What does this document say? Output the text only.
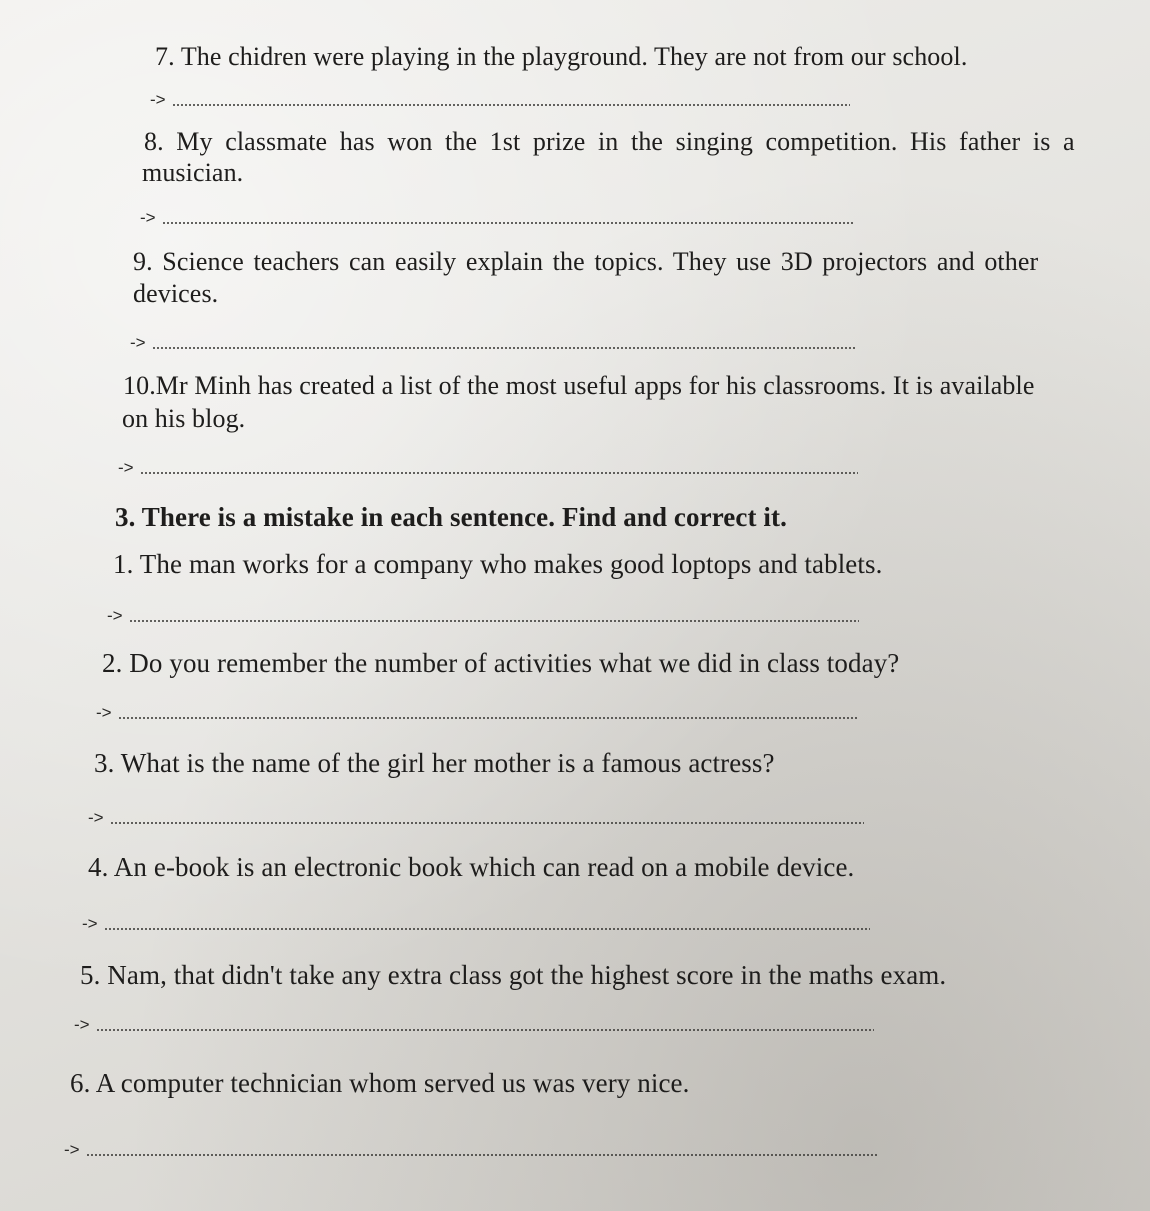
7. The chidren were playing in the playground. They are not from our school.
->
8. My classmate has won the 1st prize in the singing competition. His father is a
musician.
->
9. Science teachers can easily explain the topics. They use 3D projectors and other
devices.
->
10.Mr Minh has created a list of the most useful apps for his classrooms. It is available
on his blog.
->
3. There is a mistake in each sentence. Find and correct it.
1. The man works for a company who makes good loptops and tablets.
->
2. Do you remember the number of activities what we did in class today?
->
3. What is the name of the girl her mother is a famous actress?
->
4. An e-book is an electronic book which can read on a mobile device.
->
5. Nam, that didn't take any extra class got the highest score in the maths exam.
->
6. A computer technician whom served us was very nice.
->
